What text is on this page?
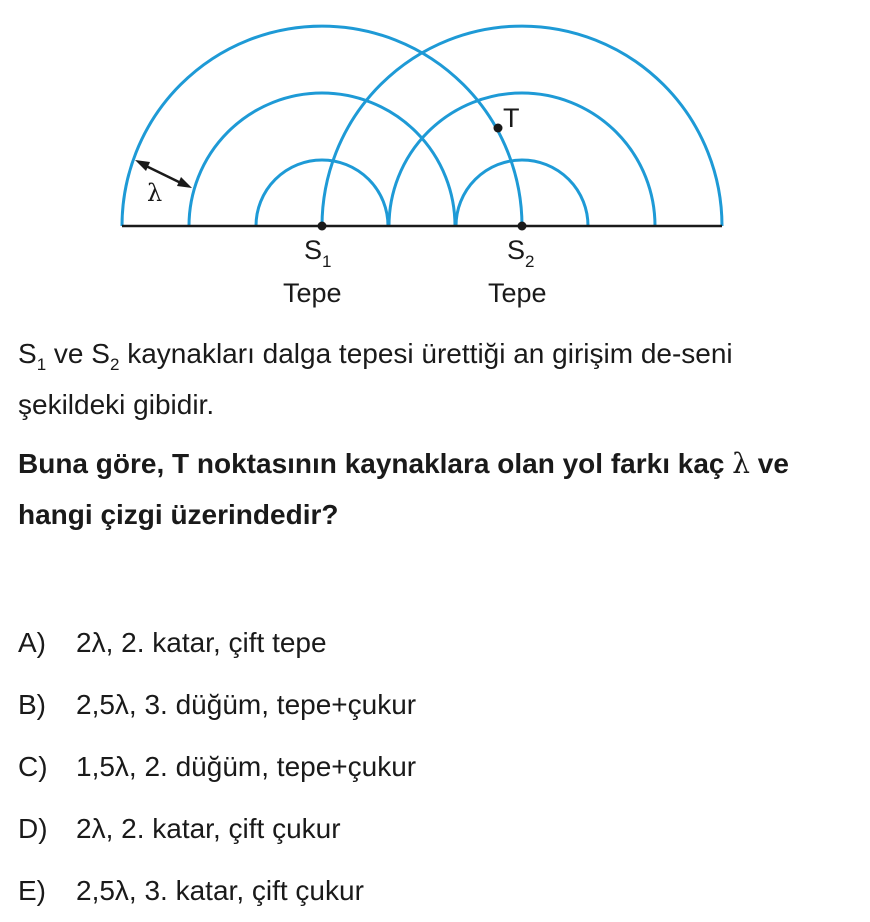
T
λ
$S_1$
Tepe
$S_2$
Tepe

$S_1$ ve $S_2$ kaynakları dalga tepesi ürettiği an girişim de-seni şekildeki gibidir.

Buna göre, T noktasının kaynaklara olan yol farkı kaç λ ve hangi çizgi üzerindedir?

A)	2λ, 2. katar, çift tepe
B)	2,5λ, 3. düğüm, tepe+çukur
C)	1,5λ, 2. düğüm, tepe+çukur
D)	2λ, 2. katar, çift çukur
E)	2,5λ, 3. katar, çift çukur
